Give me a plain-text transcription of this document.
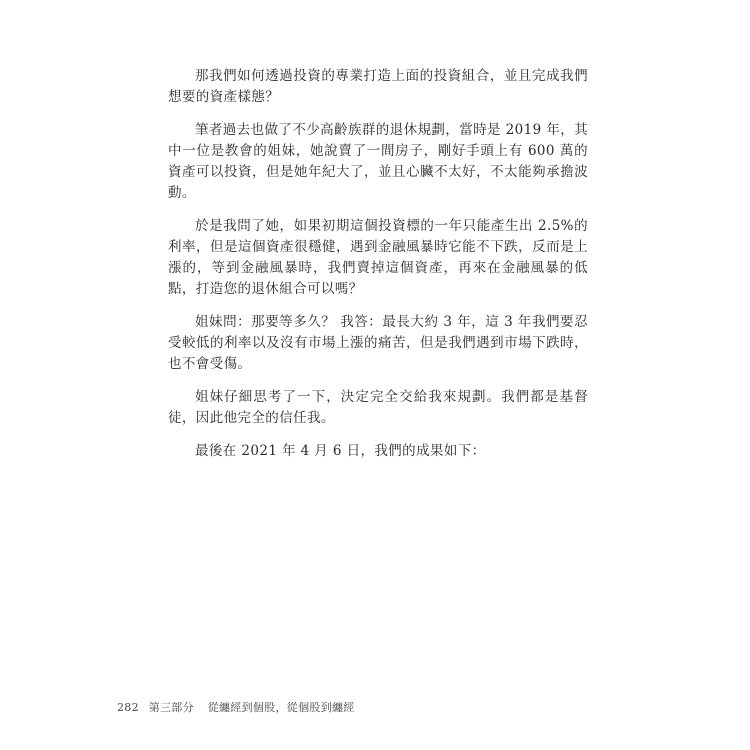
那我們如何透過投資的專業打造上面的投資組合，並且完成我們想要的資產樣態？

筆者過去也做了不少高齡族群的退休規劃，當時是 2019 年，其中一位是教會的姐妹，她說賣了一間房子，剛好手頭上有 600 萬的資產可以投資，但是她年紀大了，並且心臟不太好，不太能夠承擔波動。

於是我問了她，如果初期這個投資標的一年只能產生出 2.5%的利率，但是這個資產很穩健，遇到金融風暴時它能不下跌，反而是上漲的，等到金融風暴時，我們賣掉這個資產，再來在金融風暴的低點，打造您的退休組合可以嗎？

姐妹問：那要等多久？ 我答：最長大約 3 年，這 3 年我們要忍受較低的利率以及沒有市場上漲的痛苦，但是我們遇到市場下跌時，也不會受傷。

姐妹仔細思考了一下，決定完全交給我來規劃。我們都是基督徒，因此他完全的信任我。

最後在 2021 年 4 月 6 日，我們的成果如下：

282 第三部分 從纏經到個股，從個股到纏經
